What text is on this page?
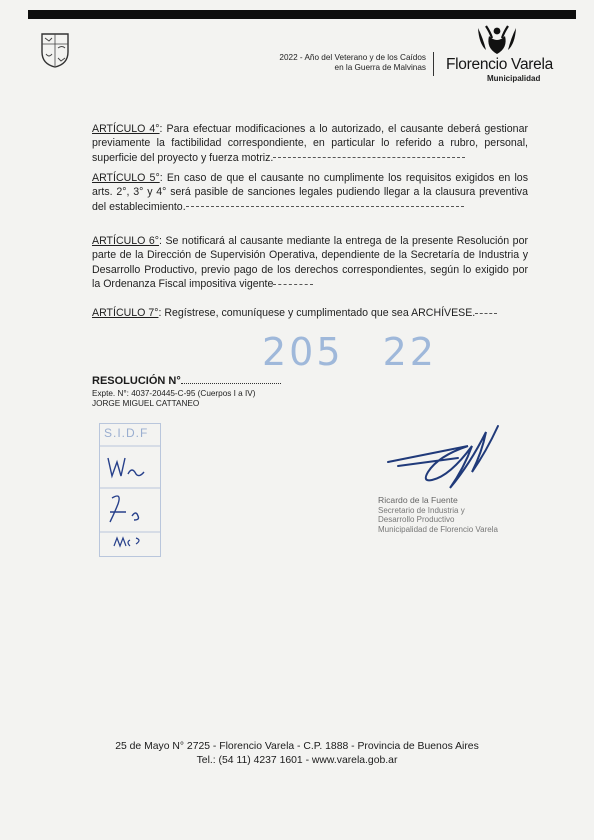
2022 - Año del Veterano y de los Caídos
en la Guerra de Malvinas Florencio Varela
Municipalidad
ARTÍCULO 4°: Para efectuar modificaciones a lo autorizado, el causante deberá gestionar previamente la factibilidad correspondiente, en particular lo referido a rubro, personal, superficie del proyecto y fuerza motriz.
ARTÍCULO 5°: En caso de que el causante no cumplimente los requisitos exigidos en los arts. 2°, 3° y 4° será pasible de sanciones legales pudiendo llegar a la clausura preventiva del establecimiento.
ARTÍCULO 6°: Se notificará al causante mediante la entrega de la presente Resolución por parte de la Dirección de Supervisión Operativa, dependiente de la Secretaría de Industria y Desarrollo Productivo, previo pago de los derechos correspondientes, según lo exigido por la Ordenanza Fiscal impositiva vigente
ARTÍCULO 7°: Regístrese, comuníquese y cumplimentado que sea ARCHÍVESE.
205 22
RESOLUCIÓN N°
Expte. N°: 4037-20445-C-95 (Cuerpos I a IV)
JORGE MIGUEL CATTANEO
S.I.D.F
Ricardo de la Fuente
Secretario de Industria y
Desarrollo Productivo
Municipalidad de Florencio Varela
25 de Mayo N° 2725 - Florencio Varela - C.P. 1888 - Provincia de Buenos Aires
Tel.: (54 11) 4237 1601 - www.varela.gob.ar
